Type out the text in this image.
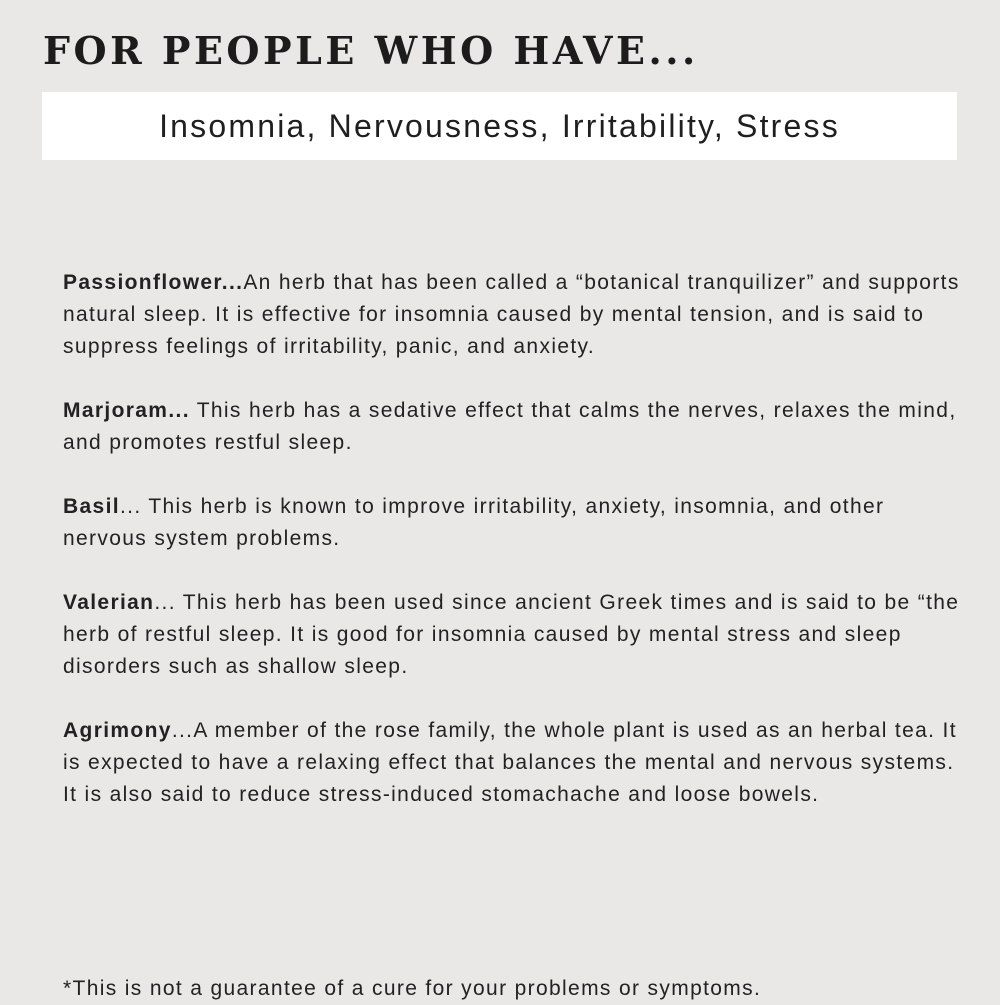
FOR PEOPLE WHO HAVE...
Insomnia, Nervousness, Irritability, Stress

Passionflower...An herb that has been called a “botanical tranquilizer” and supports natural sleep. It is effective for insomnia caused by mental tension, and is said to suppress feelings of irritability, panic, and anxiety.

Marjoram... This herb has a sedative effect that calms the nerves, relaxes the mind, and promotes restful sleep.

Basil... This herb is known to improve irritability, anxiety, insomnia, and other nervous system problems.

Valerian... This herb has been used since ancient Greek times and is said to be “the herb of restful sleep. It is good for insomnia caused by mental stress and sleep disorders such as shallow sleep.

Agrimony...A member of the rose family, the whole plant is used as an herbal tea. It is expected to have a relaxing effect that balances the mental and nervous systems. It is also said to reduce stress-induced stomachache and loose bowels.

*This is not a guarantee of a cure for your problems or symptoms.
